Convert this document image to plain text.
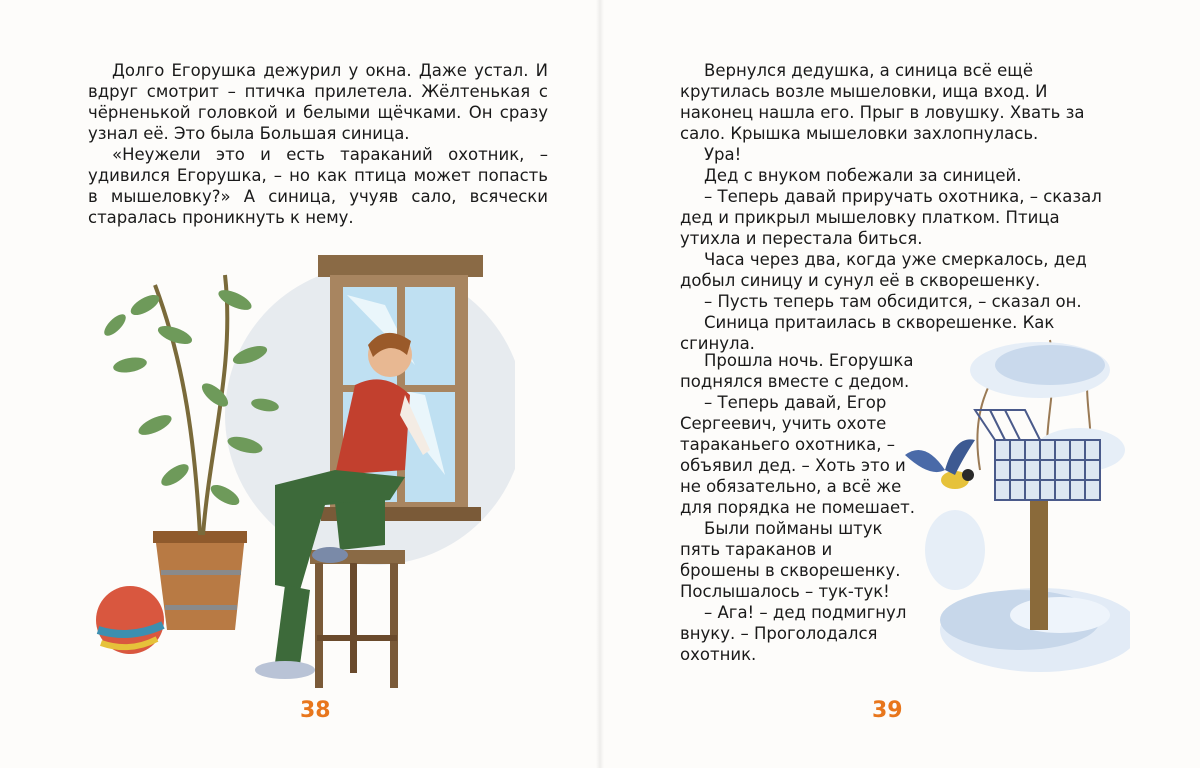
Долго Егорушка дежурил у окна. Даже устал. И вдруг смотрит – птичка прилетела. Жёлтенькая с чёрненькой головкой и белыми щёчками. Он сразу узнал её. Это была Большая синица.

«Неужели это и есть тараканий охотник, – удивился Егорушка, – но как птица может попасть в мышеловку?» А синица, учуяв сало, всячески старалась проникнуть к нему.

38

Вернулся дедушка, а синица всё ещё крутилась возле мышеловки, ища вход. И наконец нашла его. Прыг в ловушку. Хвать за сало. Крышка мышеловки захлопнулась.

Ура!

Дед с внуком побежали за синицей.

– Теперь давай приручать охотника, – сказал дед и прикрыл мышеловку платком. Птица утихла и перестала биться.

Часа через два, когда уже смеркалось, дед добыл синицу и сунул её в скворешенку.

– Пусть теперь там обсидится, – сказал он.

Синица притаилась в скворешенке. Как сгинула.

Прошла ночь. Егорушка поднялся вместе с дедом.

– Теперь давай, Егор Сергеевич, учить охоте тараканьего охотника, – объявил дед. – Хоть это и не обязательно, а всё же для порядка не помешает.

Были пойманы штук пять тараканов и брошены в скворешенку. Послышалось – тук-тук!

– Ага! – дед подмигнул внуку. – Проголодался охотник.

39
